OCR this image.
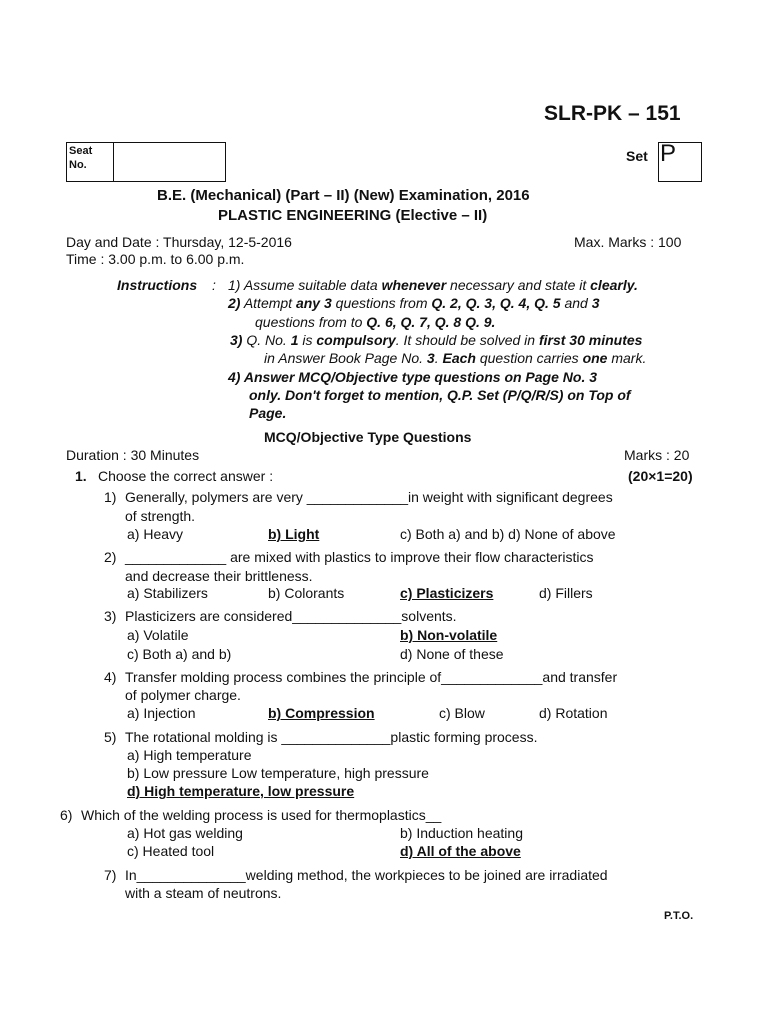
SLR-PK – 151
Seat
No.
Set P
B.E. (Mechanical) (Part – II) (New) Examination, 2016
PLASTIC ENGINEERING (Elective – II)
Day and Date : Thursday, 12-5-2016	Max. Marks : 100
Time : 3.00 p.m. to 6.00 p.m.
Instructions : 1) Assume suitable data whenever necessary and state it clearly.
2) Attempt any 3 questions from Q. 2, Q. 3, Q. 4, Q. 5 and 3
questions from to Q. 6, Q. 7, Q. 8 Q. 9.
3) Q. No. 1 is compulsory. It should be solved in first 30 minutes
in Answer Book Page No. 3. Each question carries one mark.
4) Answer MCQ/Objective type questions on Page No. 3
only. Don't forget to mention, Q.P. Set (P/Q/R/S) on Top of
Page.
MCQ/Objective Type Questions
Duration : 30 Minutes	Marks : 20
1. Choose the correct answer :	(20×1=20)
1) Generally, polymers are very _____________in weight with significant degrees
of strength.
a) Heavy	b) Light	c) Both a) and b) d) None of above
2) _____________ are mixed with plastics to improve their flow characteristics
and decrease their brittleness.
a) Stabilizers	b) Colorants	c) Plasticizers	d) Fillers
3) Plasticizers are considered______________solvents.
a) Volatile	b) Non-volatile
c) Both a) and b)	d) None of these
4) Transfer molding process combines the principle of_____________and transfer
of polymer charge.
a) Injection	b) Compression	c) Blow	d) Rotation
5) The rotational molding is ______________plastic forming process.
a) High temperature
b) Low pressure Low temperature, high pressure
d) High temperature, low pressure
6) Which of the welding process is used for thermoplastics__
a) Hot gas welding	b) Induction heating
c) Heated tool	d) All of the above
7) In______________welding method, the workpieces to be joined are irradiated
with a steam of neutrons.
P.T.O.
